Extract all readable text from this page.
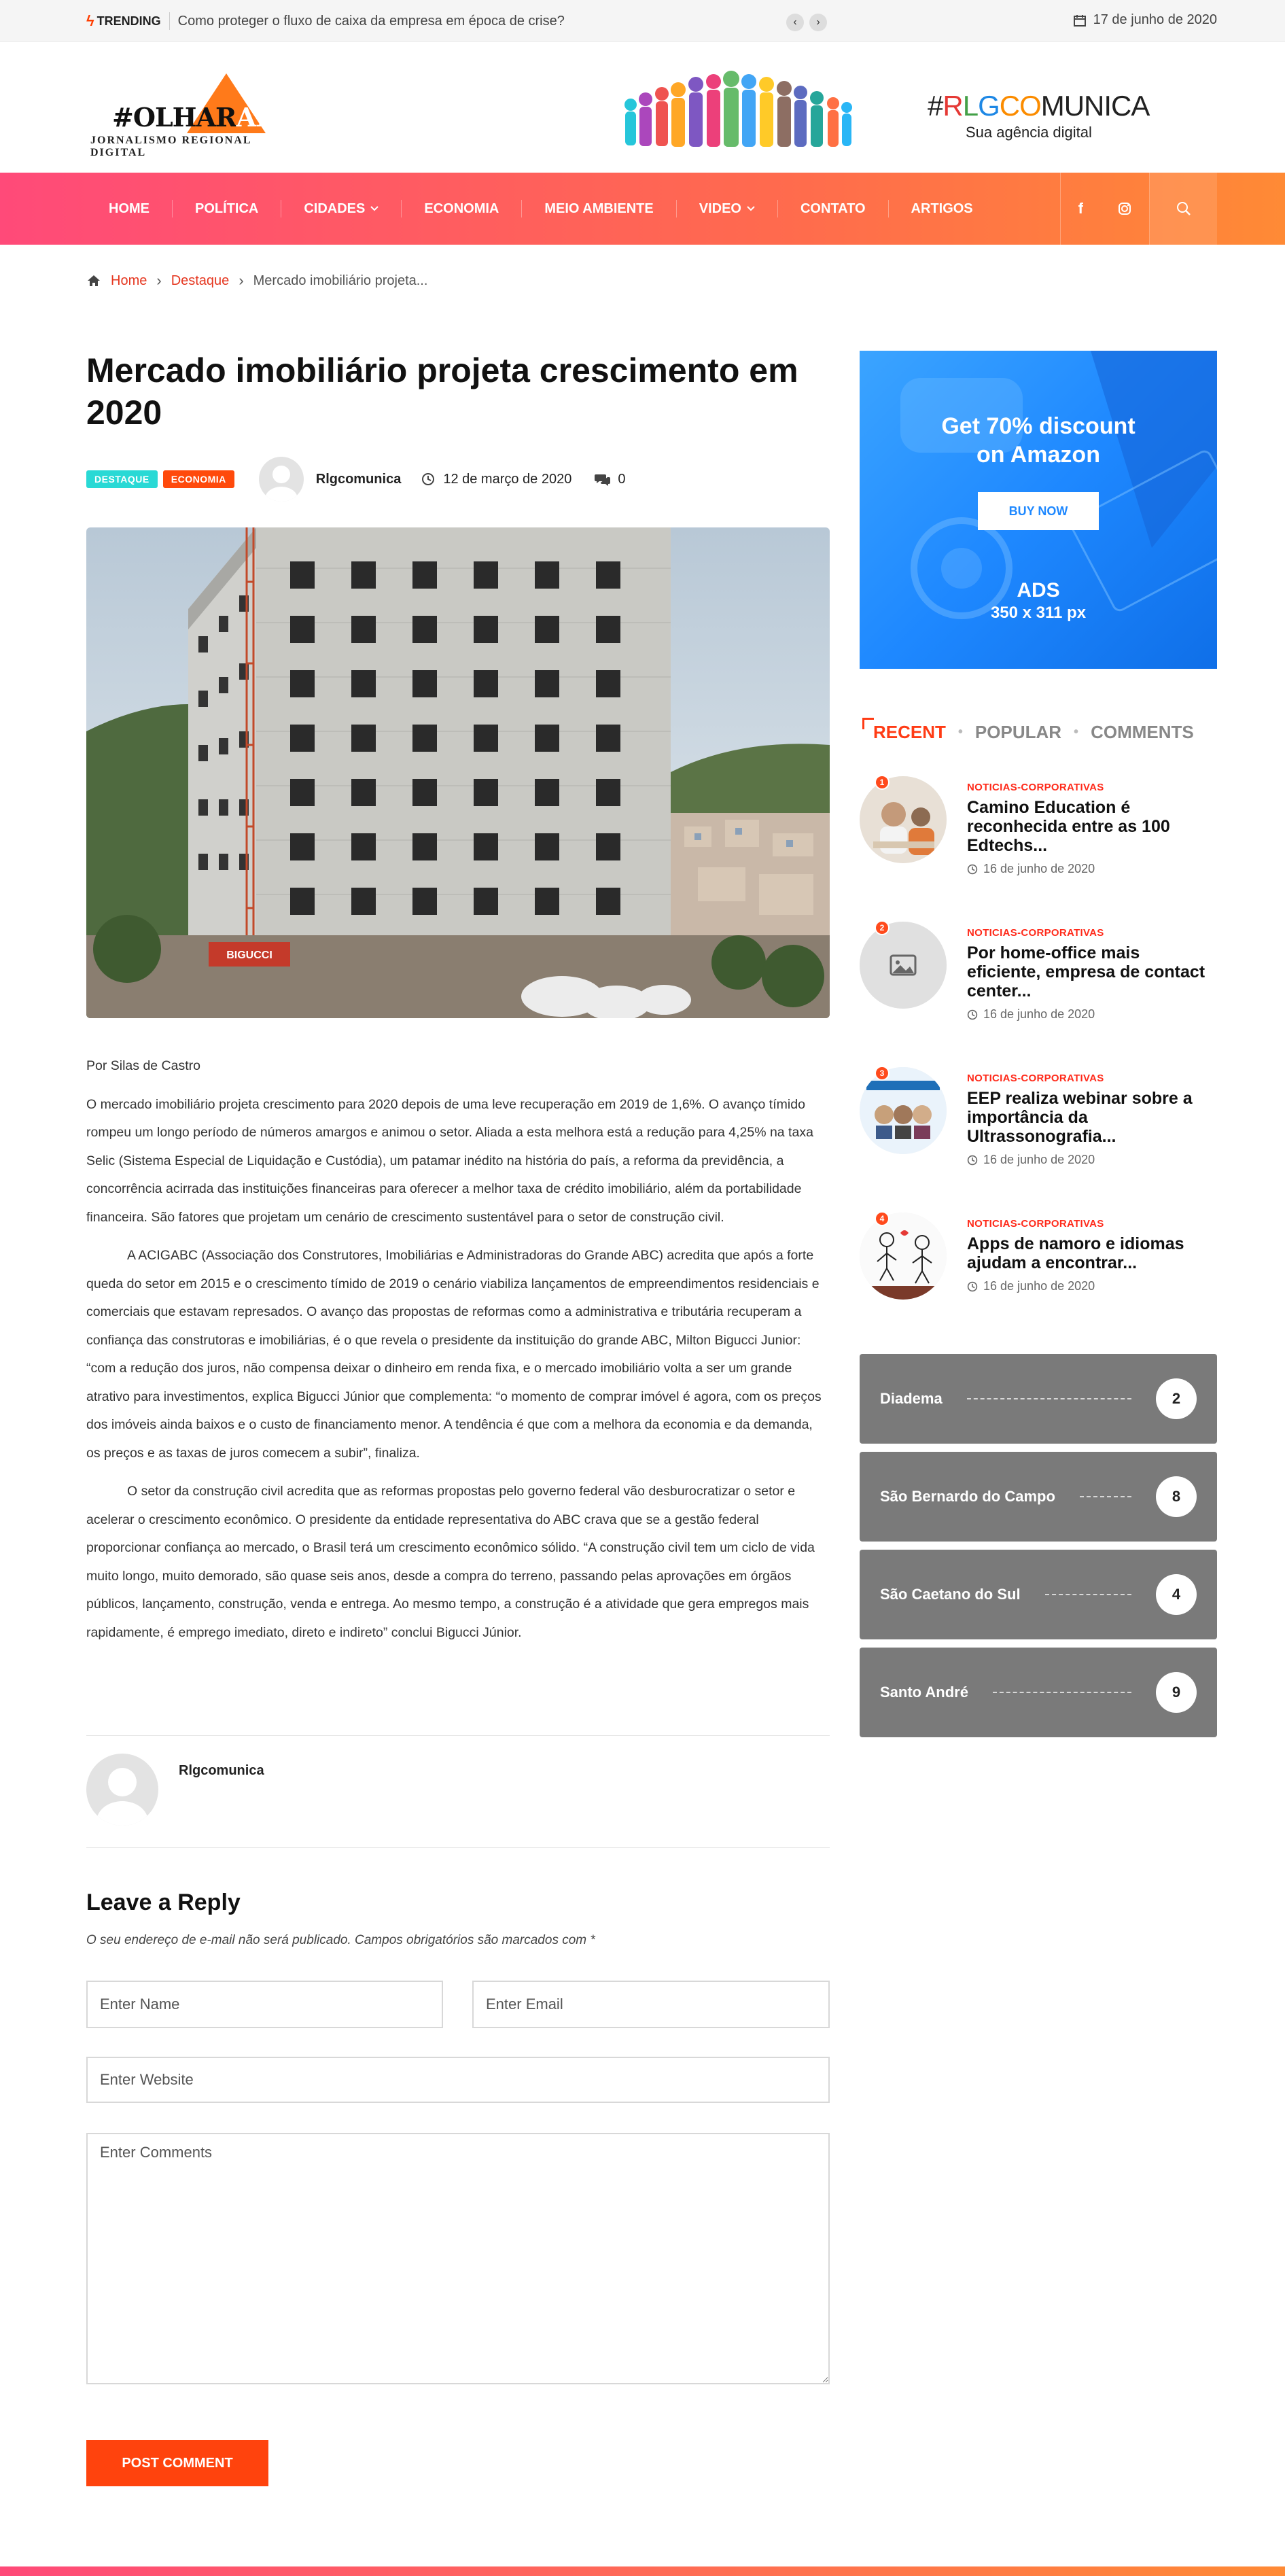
ϟ TRENDING Como proteger o fluxo de caixa da empresa em época de crise?	‹	›	17 de junho de 2020
#OLHARABC
JORNALISMO REGIONAL DIGITAL
#RLGCOMUNICA
Sua agência digital
HOME	POLÍTICA	CIDADES	ECONOMIA	MEIO AMBIENTE	VIDEO	CONTATO	ARTIGOS	f
Home › Destaque › Mercado imobiliário projeta...
Mercado imobiliário projeta crescimento em 2020
DESTAQUE	ECONOMIA	Rlgcomunica	12 de março de 2020	0
BIGUCCI

Por Silas de Castro

O mercado imobiliário projeta crescimento para 2020 depois de uma leve recuperação em 2019 de 1,6%. O avanço tímido rompeu um longo período de números amargos e animou o setor. Aliada a esta melhora está a redução para 4,25% na taxa Selic (Sistema Especial de Liquidação e Custódia), um patamar inédito na história do país, a reforma da previdência, a concorrência acirrada das instituições financeiras para oferecer a melhor taxa de crédito imobiliário, além da portabilidade financeira. São fatores que projetam um cenário de crescimento sustentável para o setor de construção civil.

A ACIGABC (Associação dos Construtores, Imobiliárias e Administradoras do Grande ABC) acredita que após a forte queda do setor em 2015 e o crescimento tímido de 2019 o cenário viabiliza lançamentos de empreendimentos residenciais e comerciais que estavam represados. O avanço das propostas de reformas como a administrativa e tributária recuperam a confiança das construtoras e imobiliárias, é o que revela o presidente da instituição do grande ABC, Milton Bigucci Junior: “com a redução dos juros, não compensa deixar o dinheiro em renda fixa, e o mercado imobiliário volta a ser um grande atrativo para investimentos, explica Bigucci Júnior que complementa: “o momento de comprar imóvel é agora, com os preços dos imóveis ainda baixos e o custo de financiamento menor. A tendência é que com a melhora da economia e da demanda, os preços e as taxas de juros comecem a subir”, finaliza.

O setor da construção civil acredita que as reformas propostas pelo governo federal vão desburocratizar o setor e acelerar o crescimento econômico. O presidente da entidade representativa do ABC crava que se a gestão federal proporcionar confiança ao mercado, o Brasil terá um crescimento econômico sólido. “A construção civil tem um ciclo de vida muito longo, muito demorado, são quase seis anos, desde a compra do terreno, passando pelas aprovações em órgãos públicos, lançamento, construção, venda e entrega. Ao mesmo tempo, a construção é a atividade que gera empregos mais rapidamente, é emprego imediato, direto e indireto” conclui Bigucci Júnior.

Rlgcomunica
Leave a Reply

O seu endereço de e-mail não será publicado. Campos obrigatórios são marcados com *

Enter Name
Enter Email
Enter Website
Enter Comments
POST COMMENT
Get 70% discount
on Amazon
BUY NOW
ADS
350 x 311 px
RECENT • POPULAR • COMMENTS
1	NOTICIAS-CORPORATIVAS
Camino Education é reconhecida entre as 100 Edtechs...
16 de junho de 2020
2	NOTICIAS-CORPORATIVAS
Por home-office mais eficiente, empresa de contact center...
16 de junho de 2020
3	NOTICIAS-CORPORATIVAS
EEP realiza webinar sobre a importância da Ultrassonografia...
16 de junho de 2020
4	NOTICIAS-CORPORATIVAS
Apps de namoro e idiomas ajudam a encontrar...
16 de junho de 2020
Diadema	2
São Bernardo do Campo	8
São Caetano do Sul	4
Santo André	9
